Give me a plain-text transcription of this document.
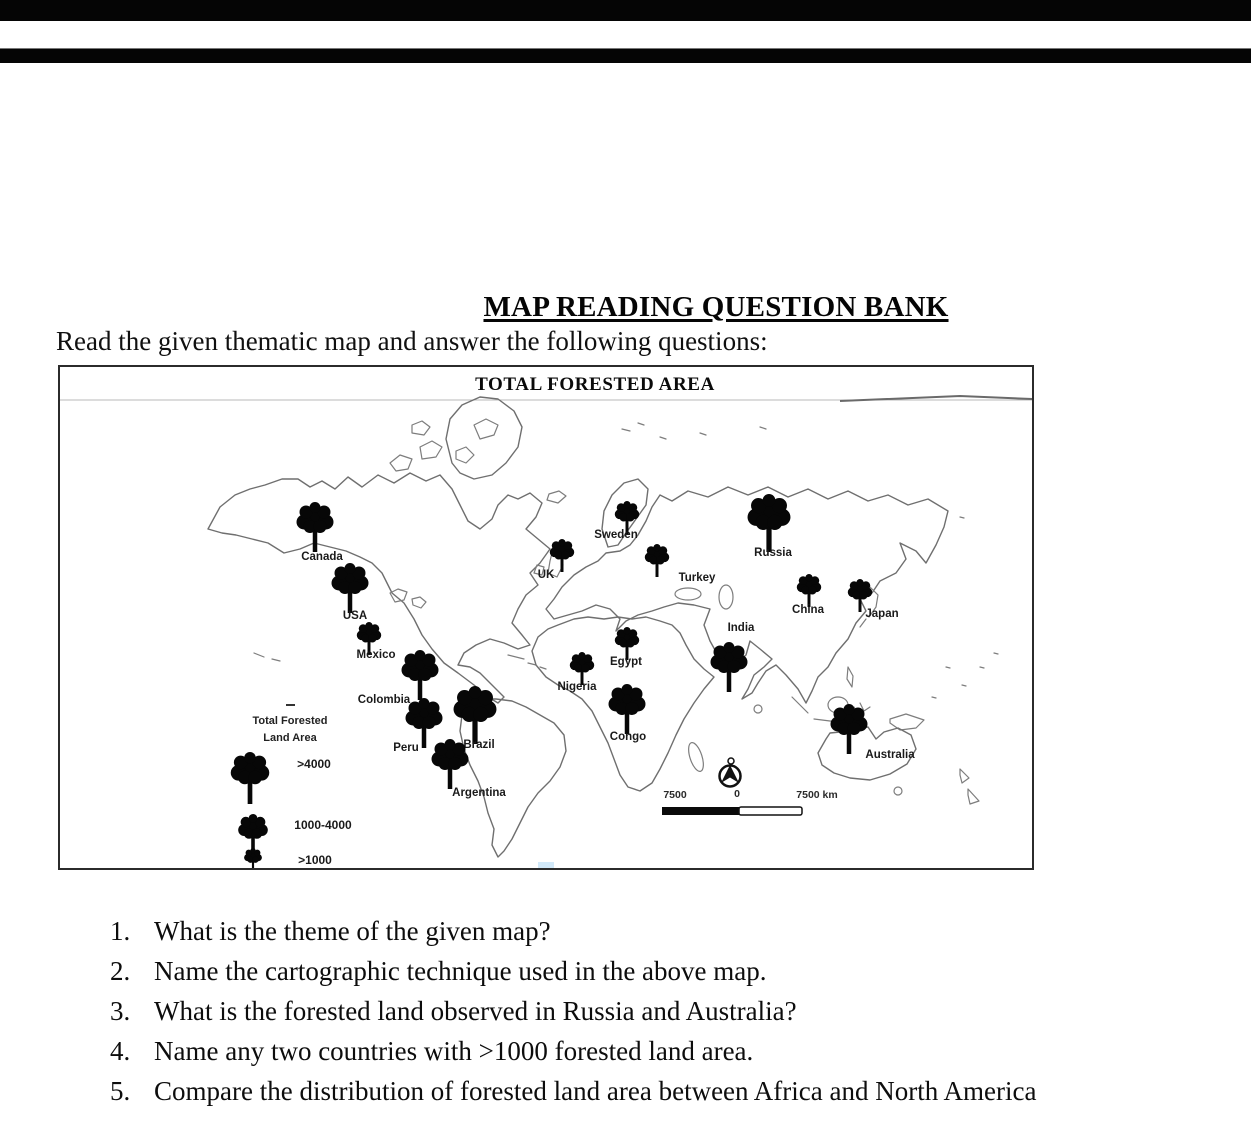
MAP READING QUESTION BANK
Read the given thematic map and answer the following questions:
TOTAL FORESTED AREA
Canada
USA
Mexico
Colombia
Peru	Brazil
Argentina
UK
Sweden
Russia
Turkey
Egypt
Nigeria
Congo
India
China	Japan
Australia
Total Forested
Land Area
>4000
1000-4000
>1000
7500	0	7500 km
1. What is the theme of the given map?
2. Name the cartographic technique used in the above map.
3. What is the forested land observed in Russia and Australia?
4. Name any two countries with >1000 forested land area.
5. Compare the distribution of forested land area between Africa and North America
